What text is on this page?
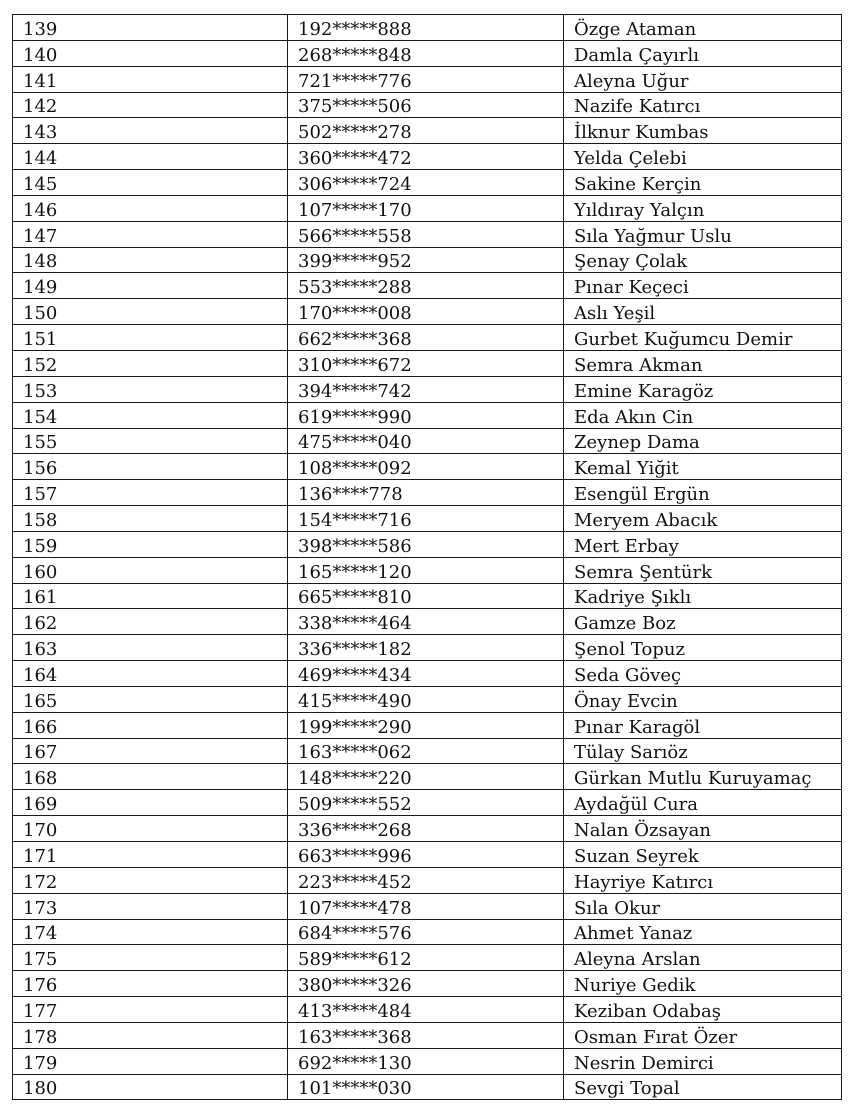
139	192*****888	Özge Ataman
140	268*****848	Damla Çayırlı
141	721*****776	Aleyna Uğur
142	375*****506	Nazife Katırcı
143	502*****278	İlknur Kumbas
144	360*****472	Yelda Çelebi
145	306*****724	Sakine Kerçin
146	107*****170	Yıldıray Yalçın
147	566*****558	Sıla Yağmur Uslu
148	399*****952	Şenay Çolak
149	553*****288	Pınar Keçeci
150	170*****008	Aslı Yeşil
151	662*****368	Gurbet Kuğumcu Demir
152	310*****672	Semra Akman
153	394*****742	Emine Karagöz
154	619*****990	Eda Akın Cin
155	475*****040	Zeynep Dama
156	108*****092	Kemal Yiğit
157	136****778	Esengül Ergün
158	154*****716	Meryem Abacık
159	398*****586	Mert Erbay
160	165*****120	Semra Şentürk
161	665*****810	Kadriye Şıklı
162	338*****464	Gamze Boz
163	336*****182	Şenol Topuz
164	469*****434	Seda Göveç
165	415*****490	Önay Evcin
166	199*****290	Pınar Karagöl
167	163*****062	Tülay Sarıöz
168	148*****220	Gürkan Mutlu Kuruyamaç
169	509*****552	Aydağül Cura
170	336*****268	Nalan Özsayan
171	663*****996	Suzan Seyrek
172	223*****452	Hayriye Katırcı
173	107*****478	Sıla Okur
174	684*****576	Ahmet Yanaz
175	589*****612	Aleyna Arslan
176	380*****326	Nuriye Gedik
177	413*****484	Keziban Odabaş
178	163*****368	Osman Fırat Özer
179	692*****130	Nesrin Demirci
180	101*****030	Sevgi Topal
